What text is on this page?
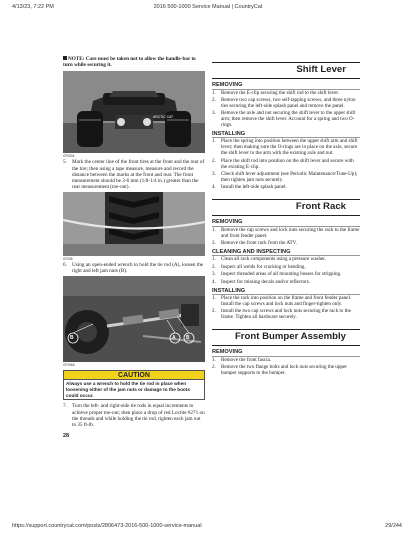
4/13/23, 7:22 PM	2016 500-1000 Service Manual | CountryCat
NOTE: Care must be taken not to allow the handle-bar to turn while securing it.
ARCTIC CAT
CF0004
5. Mark the center line of the front tires at the front and the rear of the tire; then using a tape measure, measure and record the distance between the marks at the front and rear. The front measurement should be 3-6 mm (1/8-1/4 in.) greater than the rear measurement (toe-out).
CF006
6. Using an open-ended wrench to hold the tie rod (A), loosen the right and left jam nuts (B).
B	A B
CF006A
CAUTION
Always use a wrench to hold the tie rod in place when loosening either of the jam nuts or damage to the boots could occur.
7. Turn the left- and right-side tie rods in equal increments to achieve proper toe-out; then place a drop of red Loctite #271 on the threads and while holding the tie rod, tighten each jam nut to 35 ft-lb.
28
Shift Lever
REMOVING
1. Remove the E-clip securing the shift rod to the shift lever.
2. Remove two cap screws, two self-tapping screws, and three nylon ties securing the left-side splash panel and remove the panel.
3. Remove the axle and nut securing the shift lever to the upper shift arm; then remove the shift lever. Account for a spring and two O-rings.
INSTALLING
1. Place the spring into position between the upper shift arm and shift lever; then making sure the O-rings are in place on the axle, secure the shift lever to the arm with the existing axle and nut.
2. Place the shift rod into position on the shift lever and secure with the existing E-clip.
3. Check shift lever adjustment (see Periodic Maintenance/Tune-Up); then tighten jam nuts securely.
4. Install the left-side splash panel.
Front Rack
REMOVING
1. Remove the cap screws and lock nuts securing the rack to the frame and front fender panel.
2. Remove the front rack from the ATV.
CLEANING AND INSPECTING
1. Clean all rack components using a pressure washer.
2. Inspect all welds for cracking or bending.
3. Inspect threaded areas of all mounting bosses for stripping.
4. Inspect for missing decals and/or reflectors.
INSTALLING
1. Place the rack into position on the frame and front fender panel. Install the cap screws and lock nuts and finger-tighten only.
2. Install the two cap screws and lock nuts securing the rack to the frame. Tighten all hardware securely.
Front Bumper Assembly
REMOVING
1. Remove the front fascia.
2. Remove the two flange bolts and lock nuts securing the upper bumper supports to the bumper.
https://support.countrycat.com/posts/2806473-2016-500-1000-service-manual	29/244
